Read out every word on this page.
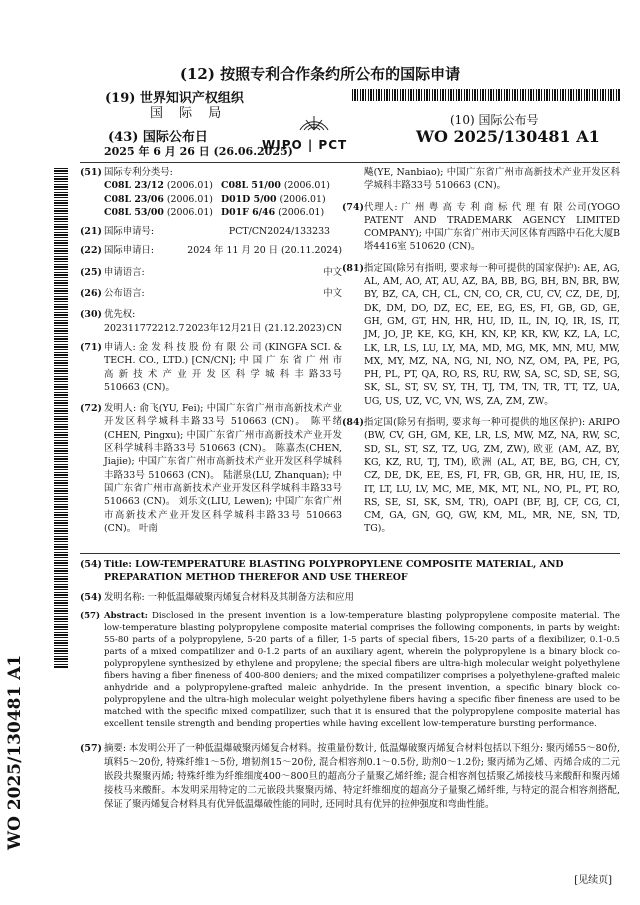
(12) 按照专利合作条约所公布的国际申请
(19) 世界知识产权组织
国 际 局
(43) 国际公布日
2025 年 6 月 26 日 (26.06.2025)
WIPO | PCT
(10) 国际公布号
WO 2025/130481 A1
WO 2025/130481 A1
(51) 国际专利分类号:
C08L 23/12 (2006.01) C08L 51/00 (2006.01)
C08L 23/06 (2006.01) D01D 5/00 (2006.01)
C08L 53/00 (2006.01) D01F 6/46 (2006.01)
(21) 国际申请号:	PCT/CN2024/133233
(22) 国际申请日:	2024 年 11 月 20 日 (20.11.2024)
(25) 申请语言:	中文
(26) 公布语言:	中文
(30) 优先权:
202311772212.7 2023年12月21日 (21.12.2023) CN
(71) 申请人: 金 发 科 技 股 份 有 限 公 司 (KINGFA SCI. & TECH. CO., LTD.) [CN/CN]; 中 国 广 东 省 广 州 市 高 新 技 术 产 业 开 发 区 科 学 城 科 丰 路33号 510663 (CN)。

(72) 发明人: 俞飞(YU, Fei); 中国广东省广州市高新技术产业开发区科学城科丰路33号 510663 (CN)。 陈平绪(CHEN, Pingxu); 中国广东省广州市高新技术产业开发区科学城科丰路33号 510663 (CN)。 陈嘉杰(CHEN, Jiajie); 中国广东省广州市高新技术产业开发区科学城科丰路33号 510663 (CN)。 陆湛泉(LU, Zhanquan); 中国广东省广州市高新技术产业开发区科学城科丰路33号 510663 (CN)。 刘乐文(LIU, Lewen); 中国广东省广州市高新技术产业开发区科学城科丰路33号 510663 (CN)。 叶南

飚(YE, Nanbiao); 中国广东省广州市高新技术产业开发区科学城科丰路33号 510663 (CN)。

(74) 代理人: 广 州 粤 高 专 利 商 标 代 理 有 限 公司(YOGO PATENT AND TRADEMARK AGENCY LIMITED COMPANY); 中国广东省广州市天河区体育西路中石化大厦B塔4416室 510620 (CN)。

(81) 指定国(除另有指明, 要求每一种可提供的国家保护): AE, AG, AL, AM, AO, AT, AU, AZ, BA, BB, BG, BH, BN, BR, BW, BY, BZ, CA, CH, CL, CN, CO, CR, CU, CV, CZ, DE, DJ, DK, DM, DO, DZ, EC, EE, EG, ES, FI, GB, GD, GE, GH, GM, GT, HN, HR, HU, ID, IL, IN, IQ, IR, IS, IT, JM, JO, JP, KE, KG, KH, KN, KP, KR, KW, KZ, LA, LC, LK, LR, LS, LU, LY, MA, MD, MG, MK, MN, MU, MW, MX, MY, MZ, NA, NG, NI, NO, NZ, OM, PA, PE, PG, PH, PL, PT, QA, RO, RS, RU, RW, SA, SC, SD, SE, SG, SK, SL, ST, SV, SY, TH, TJ, TM, TN, TR, TT, TZ, UA, UG, US, UZ, VC, VN, WS, ZA, ZM, ZW。

(84) 指定国(除另有指明, 要求每一种可提供的地区保护): ARIPO (BW, CV, GH, GM, KE, LR, LS, MW, MZ, NA, RW, SC, SD, SL, ST, SZ, TZ, UG, ZM, ZW), 欧亚 (AM, AZ, BY, KG, KZ, RU, TJ, TM), 欧洲 (AL, AT, BE, BG, CH, CY, CZ, DE, DK, EE, ES, FI, FR, GB, GR, HR, HU, IE, IS, IT, LT, LU, LV, MC, ME, MK, MT, NL, NO, PL, PT, RO, RS, SE, SI, SK, SM, TR), OAPI (BF, BJ, CF, CG, CI, CM, GA, GN, GQ, GW, KM, ML, MR, NE, SN, TD, TG)。

(54) Title: LOW-TEMPERATURE BLASTING POLYPROPYLENE COMPOSITE MATERIAL, AND PREPARATION METHOD THEREFOR AND USE THEREOF

(54) 发明名称: 一种低温爆破聚丙烯复合材料及其制备方法和应用

(57) Abstract: Disclosed in the present invention is a low-temperature blasting polypropylene composite material. The low-temperature blasting polypropylene composite material comprises the following components, in parts by weight: 55-80 parts of a polypropylene, 5-20 parts of a filler, 1-5 parts of special fibers, 15-20 parts of a flexibilizer, 0.1-0.5 parts of a mixed compatilizer and 0-1.2 parts of an auxiliary agent, wherein the polypropylene is a binary block co-polypropylene synthesized by ethylene and propylene; the special fibers are ultra-high molecular weight polyethylene fibers having a fiber fineness of 400-800 deniers; and the mixed compatilizer comprises a polyethylene-grafted maleic anhydride and a polypropylene-grafted maleic anhydride. In the present invention, a specific binary block co-polypropylene and the ultra-high molecular weight polyethylene fibers having a specific fiber fineness are used to be matched with the specific mixed compatilizer, such that it is ensured that the polypropylene composite material has excellent tensile strength and bending properties while having excellent low-temperature bursting performance.

(57) 摘要: 本发明公开了一种低温爆破聚丙烯复合材料。按重量份数计, 低温爆破聚丙烯复合材料包括以下组分: 聚丙烯55～80份, 填料5～20份, 特殊纤维1～5份, 增韧剂15～20份, 混合相容剂0.1～0.5份, 助剂0～1.2份; 聚丙烯为乙烯、丙烯合成的二元嵌段共聚聚丙烯; 特殊纤维为纤维细度400～800旦的超高分子量聚乙烯纤维; 混合相容剂包括聚乙烯接枝马来酸酐和聚丙烯接枝马来酸酐。本发明采用特定的二元嵌段共聚聚丙烯、特定纤维细度的超高分子量聚乙烯纤维, 与特定的混合相容剂搭配, 保证了聚丙烯复合材料具有优异低温爆破性能的同时, 还同时具有优异的拉伸强度和弯曲性能。

[见续页]
